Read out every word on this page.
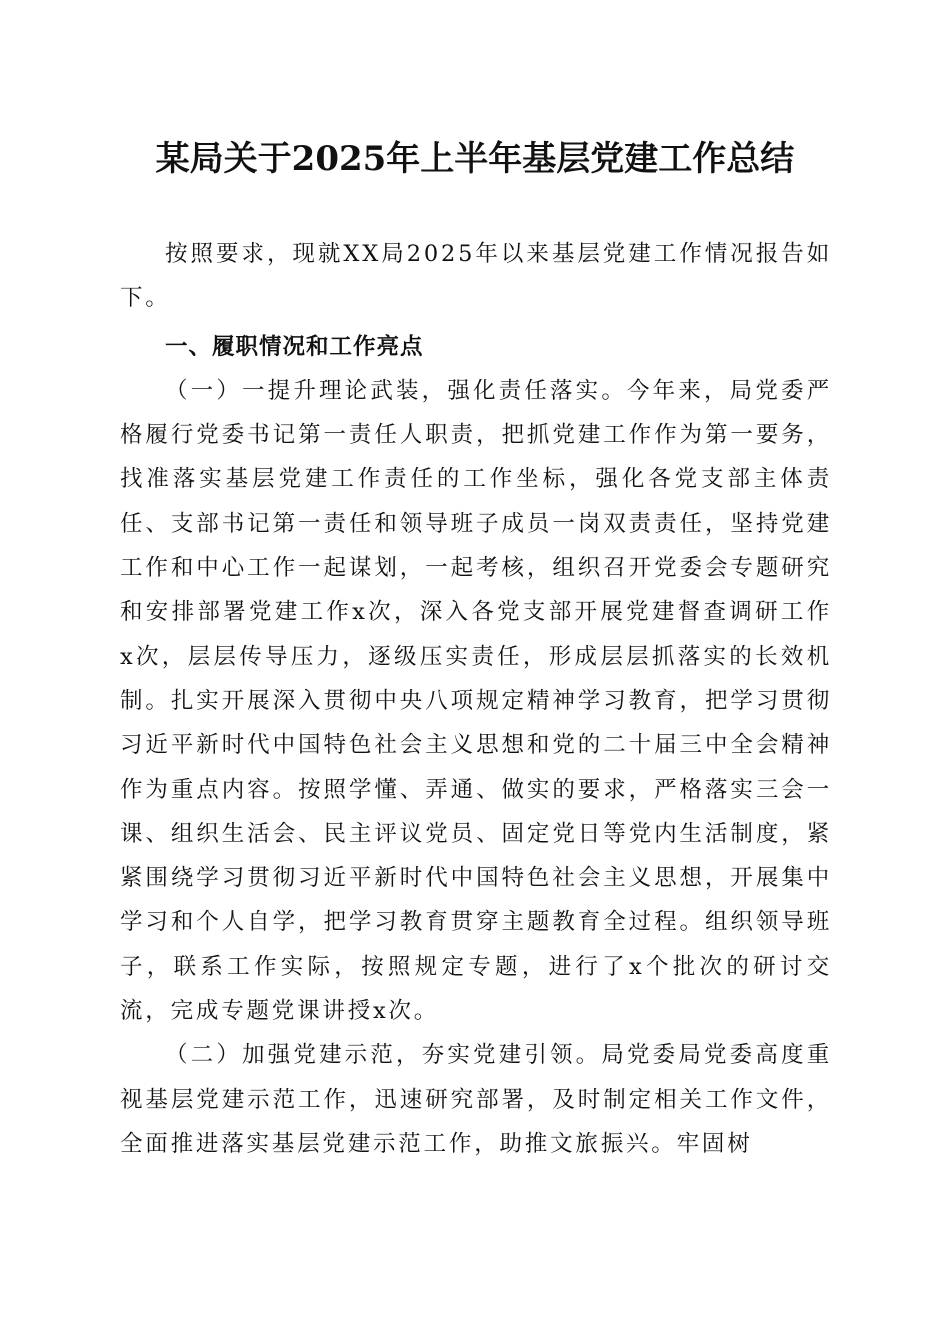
某局关于2025年上半年基层党建工作总结

按照要求，现就XX局2025年以来基层党建工作情况报告如下。

一、履职情况和工作亮点

（一）一提升理论武装，强化责任落实。今年来，局党委严格履行党委书记第一责任人职责，把抓党建工作作为第一要务，找准落实基层党建工作责任的工作坐标，强化各党支部主体责任、支部书记第一责任和领导班子成员一岗双责责任，坚持党建工作和中心工作一起谋划，一起考核，组织召开党委会专题研究和安排部署党建工作x次，深入各党支部开展党建督查调研工作x次，层层传导压力，逐级压实责任，形成层层抓落实的长效机制。扎实开展深入贯彻中央八项规定精神学习教育，把学习贯彻习近平新时代中国特色社会主义思想和党的二十届三中全会精神作为重点内容。按照学懂、弄通、做实的要求，严格落实三会一课、组织生活会、民主评议党员、固定党日等党内生活制度，紧紧围绕学习贯彻习近平新时代中国特色社会主义思想，开展集中学习和个人自学，把学习教育贯穿主题教育全过程。组织领导班子，联系工作实际，按照规定专题，进行了x个批次的研讨交流，完成专题党课讲授x次。

（二）加强党建示范，夯实党建引领。局党委局党委高度重视基层党建示范工作，迅速研究部署，及时制定相关工作文件，全面推进落实基层党建示范工作，助推文旅振兴。牢固树
